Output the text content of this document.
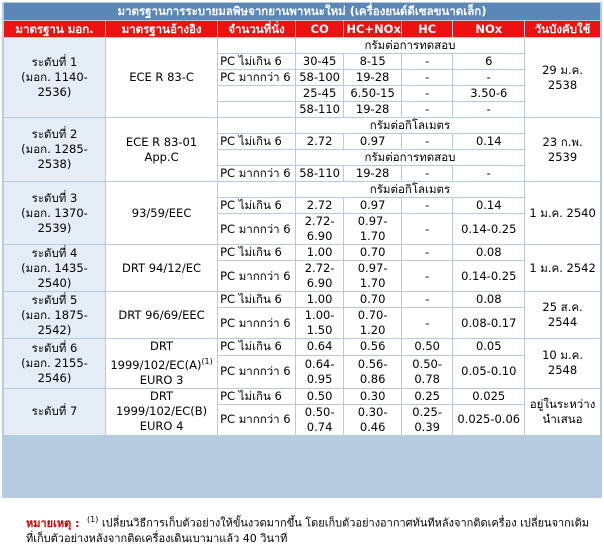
มาตรฐานการระบายมลพิษจากยานพาหนะใหม่ (เครื่องยนต์ดีเซลขนาดเล็ก)							
มาตรฐาน มอก.	มาตรฐานอ้างอิง	จำนวนที่นั่ง	CO	HC+NOx	HC	NOx	วันบังคับใช้
ระดับที่ 1
(มอก. 1140-2536)	ECE R 83-C		กรัมต่อการทดสอบ				29 ม.ค. 2538
		PC ไม่เกิน 6	30-45	8-15	-	6	
		PC มากกว่า 6	58-100	19-28	-	-	
			25-45	6.50-15	-	3.50-6	
			58-110	19-28	-	-	
ระดับที่ 2
(มอก. 1285-2538)	ECE R 83-01
App.C		กรัมต่อกิโลเมตร				23 ก.พ. 2539
		PC ไม่เกิน 6	2.72	0.97	-	0.14	
			กรัมต่อการทดสอบ				
		PC มากกว่า 6	58-110	19-28	-	-	
ระดับที่ 3
(มอก. 1370-2539)	93/59/EEC		กรัมต่อกิโลเมตร				1 ม.ค. 2540
		PC ไม่เกิน 6	2.72	0.97	-	0.14	
		PC มากกว่า 6	2.72-6.90	0.97-1.70	-	0.14-0.25	
ระดับที่ 4
(มอก. 1435-2540)	DRT 94/12/EC	PC ไม่เกิน 6	1.00	0.70	-	0.08	1 ม.ค. 2542
		PC มากกว่า 6	2.72-6.90	0.97-1.70	-	0.14-0.25	
ระดับที่ 5
(มอก. 1875-2542)	DRT 96/69/EEC	PC ไม่เกิน 6	1.00	0.70	-	0.08	25 ส.ค. 2544
		PC มากกว่า 6	1.00-1.50	0.70-1.20	-	0.08-0.17	
ระดับที่ 6
(มอก. 2155-2546)	DRT
$1999/102/EC(A)^{(1)}$
EURO 3	PC ไม่เกิน 6	0.64	0.56	0.50	0.05	10 ม.ค. 2548
		PC มากกว่า 6	0.64-0.95	0.56-0.86	0.50-0.78	0.05-0.10	
ระดับที่ 7	DRT
1999/102/EC(B)
EURO 4	PC ไม่เกิน 6	0.50	0.30	0.25	0.025	อยู่ในระหว่าง
นำเสนอ
		PC มากกว่า 6	0.50-0.74	0.30-0.46	0.25-0.39	0.025-0.06	
หมายเหตุ : $^{(1)}$ เปลี่ยนวิธีการเก็บตัวอย่างให้ขั้นงวดมากขึ้น โดยเก็บตัวอย่างอากาศทันทีหลังจากติดเครื่อง เปลี่ยนจากเดิมที่เก็บตัวอย่างหลังจากติดเครื่องเดินเบามาแล้ว 40 วินาที
